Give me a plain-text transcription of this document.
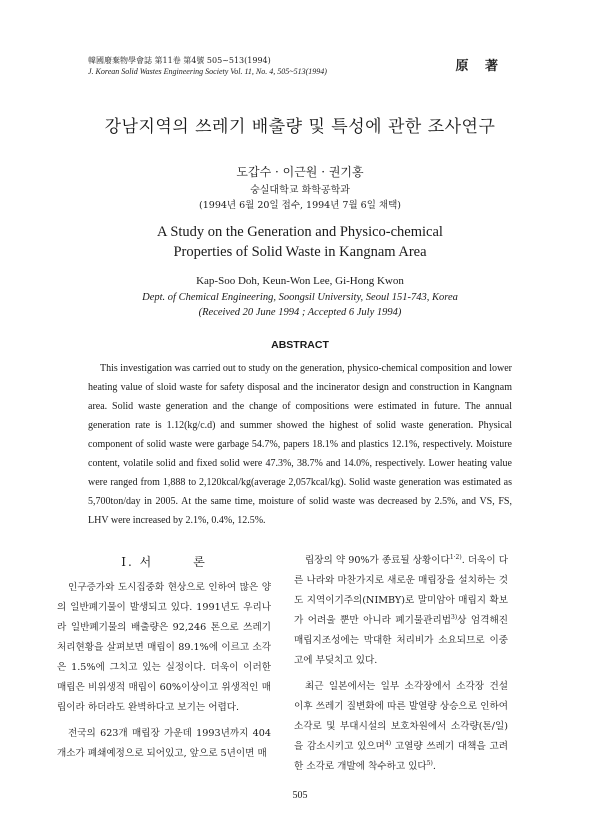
韓國廢棄物學會誌 第11卷 第4號 505~513(1994)
J. Korean Solid Wastes Engineering Society Vol. 11, No. 4, 505~513(1994)	原 著
강남지역의 쓰레기 배출량 및 특성에 관한 조사연구
도갑수 · 이근원 · 권기홍
숭실대학교 화학공학과
(1994년 6월 20일 접수, 1994년 7월 6일 채택)
A Study on the Generation and Physico-chemical
Properties of Solid Waste in Kangnam Area
Kap-Soo Doh, Keun-Won Lee, Gi-Hong Kwon
Dept. of Chemical Engineering, Soongsil University, Seoul 151-743, Korea
(Received 20 June 1994 ; Accepted 6 July 1994)
ABSTRACT
This investigation was carried out to study on the generation, physico-chemical composition and lower heating value of sloid waste for safety disposal and the incinerator design and construction in Kangnam area. Solid waste generation and the change of compositions were estimated in future. The annual generation rate is 1.12(kg/c.d) and summer showed the highest of solid waste generation. Physical component of solid waste were garbage 54.7%, papers 18.1% and plastics 12.1%, respectively. Moisture content, volatile solid and fixed solid were 47.3%, 38.7% and 14.0%, respectively. Lower heating value were ranged from 1,888 to 2,120kcal/kg(average 2,057kcal/kg). Solid waste generation was estimated as 5,700ton/day in 2005. At the same time, moisture of solid waste was decreased by 2.5%, and VS, FS, LHV were increased by 2.1%, 0.4%, 12.5%.

I. 서	론

인구증가와 도시집중화 현상으로 인하여 많은 양의 일반폐기물이 발생되고 있다. 1991년도 우리나라 일반폐기물의 배출량은 92,246 톤으로 쓰레기 처리현황을 살펴보면 매립이 89.1%에 이르고 소각은 1.5%에 그치고 있는 실정이다. 더욱이 이러한 매립은 비위생적 매립이 60%이상이고 위생적인 매립이라 하더라도 완벽하다고 보기는 어렵다.

전국의 623개 매립장 가운데 1993년까지 404개소가 폐쇄예정으로 되어있고, 앞으로 5년이면 매

립장의 약 90%가 종료될 상황이다$^{1\cdot 2)}$. 더욱이 다른 나라와 마찬가지로 새로운 매립장을 설치하는 것도 지역이기주의(NIMBY)로 말미암아 매립지 확보가 어려울 뿐만 아니라 폐기물관리법$^{3)}$상 엄격해진 매립지조성에는 막대한 처리비가 소요되므로 이중고에 부딪치고 있다.

최근 일본에서는 일부 소각장에서 소각장 건설 이후 쓰레기 질변화에 따른 발열량 상승으로 인하여 소각로 및 부대시설의 보호차원에서 소각량(톤/일)을 감소시키고 있으며$^{4)}$ 고열량 쓰레기 대책을 고려한 소각로 개발에 착수하고 있다$^{5)}$.

505
